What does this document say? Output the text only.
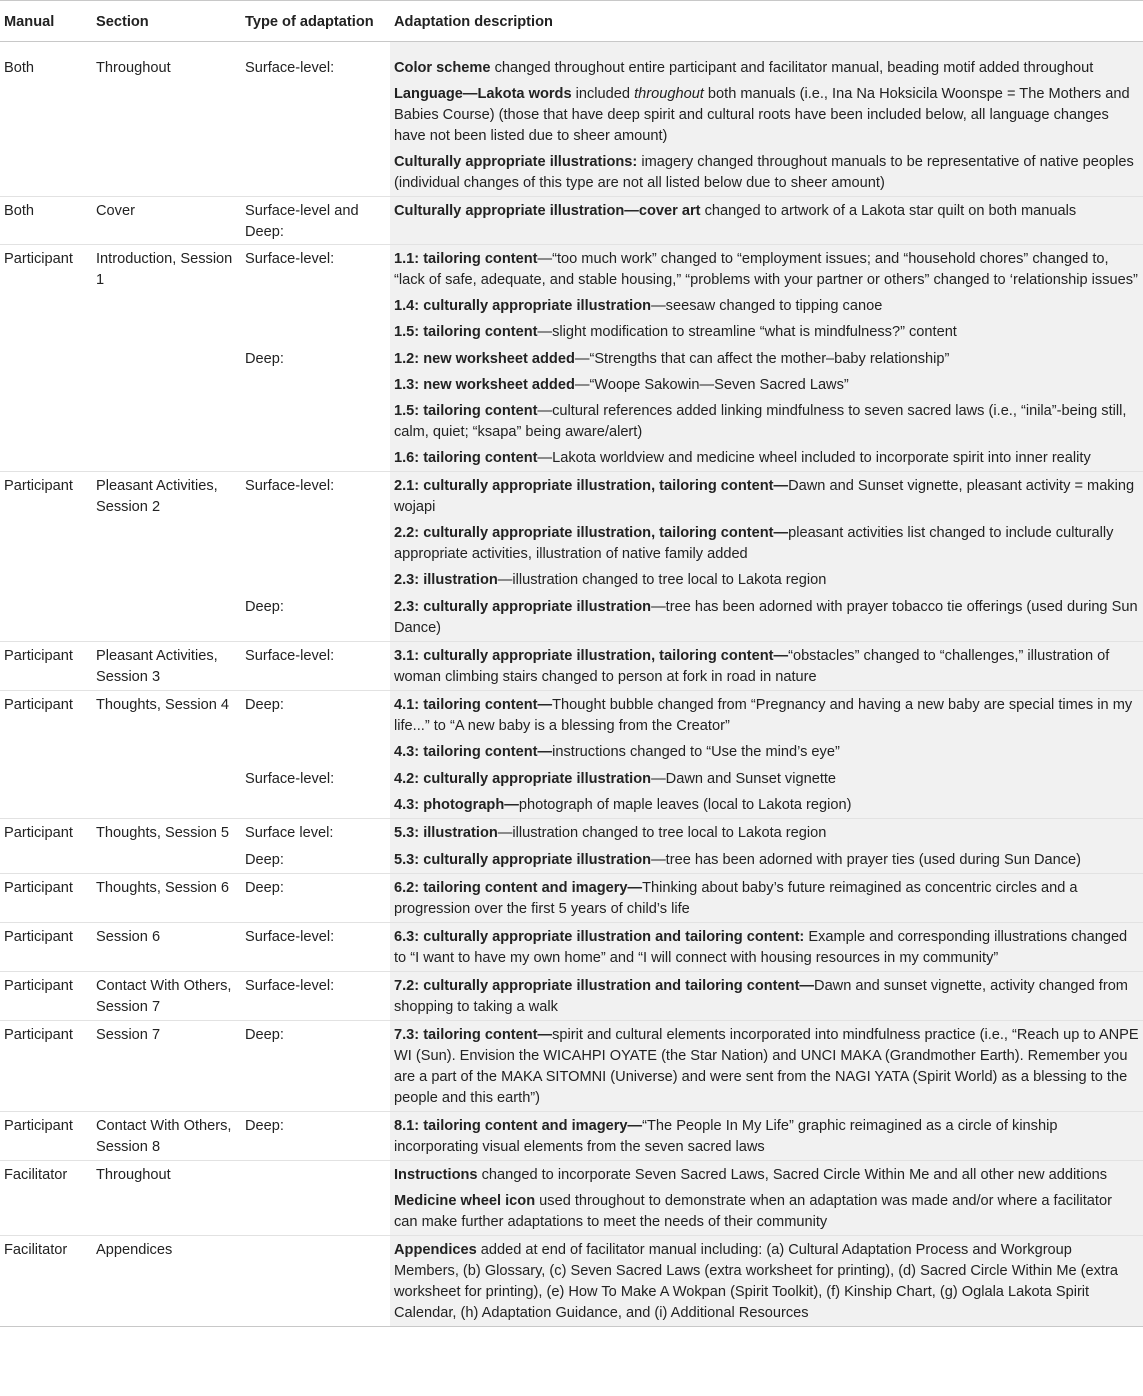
Manual	Section	Type of adaptation	Adaptation description
Both	Throughout	Surface-level:	Color scheme changed throughout entire participant and facilitator manual, beading motif added throughout

Language—Lakota words included throughout both manuals (i.e., Ina Na Hoksicila Woonspe = The Mothers and Babies Course) (those that have deep spirit and cultural roots have been included below, all language changes have not been listed due to sheer amount)

Culturally appropriate illustrations: imagery changed throughout manuals to be representative of native peoples (individual changes of this type are not all listed below due to sheer amount)

Both	Cover	Surface-level and Deep:	Culturally appropriate illustration—cover art changed to artwork of a Lakota star quilt on both manuals

Participant	Introduction, Session 1	Surface-level:	1.1: tailoring content—“too much work” changed to “employment issues; and “household chores” changed to, “lack of safe, adequate, and stable housing,” “problems with your partner or others” changed to ‘relationship issues”

1.4: culturally appropriate illustration—seesaw changed to tipping canoe

1.5: tailoring content—slight modification to streamline “what is mindfulness?” content

		Deep:	1.2: new worksheet added—“Strengths that can affect the mother–baby relationship”

1.3: new worksheet added—“Woope Sakowin—Seven Sacred Laws”

1.5: tailoring content—cultural references added linking mindfulness to seven sacred laws (i.e., “inila”-being still, calm, quiet; “ksapa” being aware/alert)

1.6: tailoring content—Lakota worldview and medicine wheel included to incorporate spirit into inner reality

Participant	Pleasant Activities, Session 2	Surface-level:	2.1: culturally appropriate illustration, tailoring content—Dawn and Sunset vignette, pleasant activity = making wojapi

2.2: culturally appropriate illustration, tailoring content—pleasant activities list changed to include culturally appropriate activities, illustration of native family added

2.3: illustration—illustration changed to tree local to Lakota region

		Deep:	2.3: culturally appropriate illustration—tree has been adorned with prayer tobacco tie offerings (used during Sun Dance)

Participant	Pleasant Activities, Session 3	Surface-level:	3.1: culturally appropriate illustration, tailoring content—“obstacles” changed to “challenges,” illustration of woman climbing stairs changed to person at fork in road in nature

Participant	Thoughts, Session 4	Deep:	4.1: tailoring content—Thought bubble changed from “Pregnancy and having a new baby are special times in my life...” to “A new baby is a blessing from the Creator”

4.3: tailoring content—instructions changed to “Use the mind’s eye”

		Surface-level:	4.2: culturally appropriate illustration—Dawn and Sunset vignette

4.3: photograph—photograph of maple leaves (local to Lakota region)

Participant	Thoughts, Session 5	Surface level:	5.3: illustration—illustration changed to tree local to Lakota region

		Deep:	5.3: culturally appropriate illustration—tree has been adorned with prayer ties (used during Sun Dance)

Participant	Thoughts, Session 6	Deep:	6.2: tailoring content and imagery—Thinking about baby’s future reimagined as concentric circles and a progression over the first 5 years of child’s life

Participant	Session 6	Surface-level:	6.3: culturally appropriate illustration and tailoring content: Example and corresponding illustrations changed to “I want to have my own home” and “I will connect with housing resources in my community”

Participant	Contact With Others, Session 7	Surface-level:	7.2: culturally appropriate illustration and tailoring content—Dawn and sunset vignette, activity changed from shopping to taking a walk

Participant	Session 7	Deep:	7.3: tailoring content—spirit and cultural elements incorporated into mindfulness practice (i.e., “Reach up to ANPE WI (Sun). Envision the WICAHPI OYATE (the Star Nation) and UNCI MAKA (Grandmother Earth). Remember you are a part of the MAKA SITOMNI (Universe) and were sent from the NAGI YATA (Spirit World) as a blessing to the people and this earth”)

Participant	Contact With Others, Session 8	Deep:	8.1: tailoring content and imagery—“The People In My Life” graphic reimagined as a circle of kinship incorporating visual elements from the seven sacred laws

Facilitator	Throughout		Instructions changed to incorporate Seven Sacred Laws, Sacred Circle Within Me and all other new additions

Medicine wheel icon used throughout to demonstrate when an adaptation was made and/or where a facilitator can make further adaptations to meet the needs of their community

Facilitator	Appendices		Appendices added at end of facilitator manual including: (a) Cultural Adaptation Process and Workgroup Members, (b) Glossary, (c) Seven Sacred Laws (extra worksheet for printing), (d) Sacred Circle Within Me (extra worksheet for printing), (e) How To Make A Wokpan (Spirit Toolkit), (f) Kinship Chart, (g) Oglala Lakota Spirit Calendar, (h) Adaptation Guidance, and (i) Additional Resources
